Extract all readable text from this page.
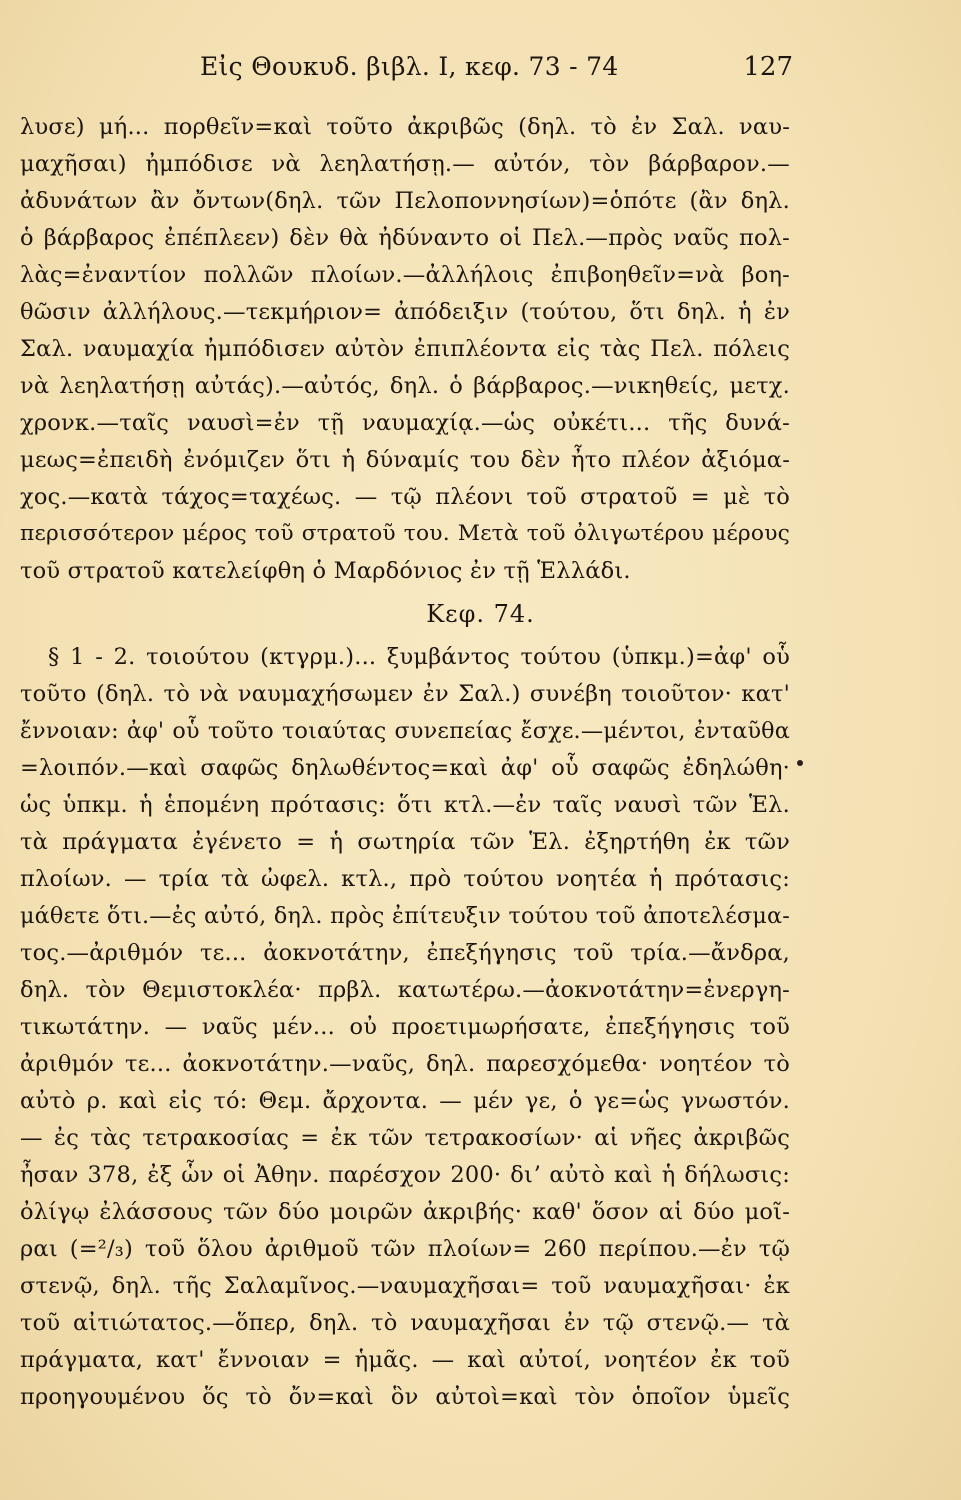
Εἰς Θουκυδ. βιβλ. Ι, κεφ. 73 - 74	127
λυσε) μή... πορθεῖν=καὶ τοῦτο ἀκριβῶς (δηλ. τὸ ἐν Σαλ. ναυ-
μαχῆσαι) ἠμπόδισε νὰ λεηλατήσῃ.— αὐτόν, τὸν βάρβαρον.—
ἀδυνάτων ἂν ὄντων(δηλ. τῶν Πελοποννησίων)=ὁπότε (ἂν δηλ.
ὁ βάρβαρος ἐπέπλεεν) δὲν θὰ ἠδύναντο οἱ Πελ.—πρὸς ναῦς πολ-
λὰς=ἐναντίον πολλῶν πλοίων.—ἀλλήλοις ἐπιβοηθεῖν=νὰ βοη-
θῶσιν ἀλλήλους.—τεκμήριον= ἀπόδειξιν (τούτου, ὅτι δηλ. ἡ ἐν
Σαλ. ναυμαχία ἠμπόδισεν αὐτὸν ἐπιπλέοντα εἰς τὰς Πελ. πόλεις
νὰ λεηλατήσῃ αὐτάς).—αὐτός, δηλ. ὁ βάρβαρος.—νικηθείς, μετχ.
χρονκ.—ταῖς ναυσὶ=ἐν τῇ ναυμαχίᾳ.—ὡς οὐκέτι... τῆς δυνά-
μεως=ἐπειδὴ ἐνόμιζεν ὅτι ἡ δύναμίς του δὲν ἦτο πλέον ἀξιόμα-
χος.—κατὰ τάχος=ταχέως. — τῷ πλέονι τοῦ στρατοῦ = μὲ τὸ
περισσότερον μέρος τοῦ στρατοῦ του. Μετὰ τοῦ ὀλιγωτέρου μέρους
τοῦ στρατοῦ κατελείφθη ὁ Μαρδόνιος ἐν τῇ Ἑλλάδι.
Κεφ. 74.
§ 1 - 2. τοιούτου (κτγρμ.)... ξυμβάντος τούτου (ὑπκμ.)=ἀφ' οὗ
τοῦτο (δηλ. τὸ νὰ ναυμαχήσωμεν ἐν Σαλ.) συνέβη τοιοῦτον· κατ'
ἔννοιαν: ἀφ' οὗ τοῦτο τοιαύτας συνεπείας ἔσχε.—μέντοι, ἐνταῦθα
=λοιπόν.—καὶ σαφῶς δηλωθέντος=καὶ ἀφ' οὗ σαφῶς ἐδηλώθη·
ὡς ὑπκμ. ἡ ἑπομένη πρότασις: ὅτι κτλ.—ἐν ταῖς ναυσὶ τῶν Ἑλ.
τὰ πράγματα ἐγένετο = ἡ σωτηρία τῶν Ἑλ. ἐξηρτήθη ἐκ τῶν
πλοίων. — τρία τὰ ὠφελ. κτλ., πρὸ τούτου νοητέα ἡ πρότασις:
μάθετε ὅτι.—ἐς αὐτό, δηλ. πρὸς ἐπίτευξιν τούτου τοῦ ἀποτελέσμα-
τος.—ἀριθμόν τε... ἀοκνοτάτην, ἐπεξήγησις τοῦ τρία.—ἄνδρα,
δηλ. τὸν Θεμιστοκλέα· πρβλ. κατωτέρω.—ἀοκνοτάτην=ἐνεργη-
τικωτάτην. — ναῦς μέν... οὐ προετιμωρήσατε, ἐπεξήγησις τοῦ
ἀριθμόν τε... ἀοκνοτάτην.—ναῦς, δηλ. παρεσχόμεθα· νοητέον τὸ
αὐτὸ ρ. καὶ εἰς τό: Θεμ. ἄρχοντα. — μέν γε, ὁ γε=ὡς γνωστόν.
— ἐς τὰς τετρακοσίας = ἐκ τῶν τετρακοσίων· αἱ νῆες ἀκριβῶς
ἦσαν 378, ἐξ ὧν οἱ Ἀθην. παρέσχον 200· διʼ αὐτὸ καὶ ἡ δήλωσις:
ὀλίγῳ ἐλάσσους τῶν δύο μοιρῶν ἀκριβής· καθ' ὅσον αἱ δύο μοῖ-
ραι (=²/₃) τοῦ ὅλου ἀριθμοῦ τῶν πλοίων= 260 περίπου.—ἐν τῷ
στενῷ, δηλ. τῆς Σαλαμῖνος.—ναυμαχῆσαι= τοῦ ναυμαχῆσαι· ἐκ
τοῦ αἰτιώτατος.—ὅπερ, δηλ. τὸ ναυμαχῆσαι ἐν τῷ στενῷ.— τὰ
πράγματα, κατ' ἔννοιαν = ἡμᾶς. — καὶ αὐτοί, νοητέον ἐκ τοῦ
προηγουμένου ὅς τὸ ὄν=καὶ ὃν αὐτοὶ=καὶ τὸν ὁποῖον ὑμεῖς
